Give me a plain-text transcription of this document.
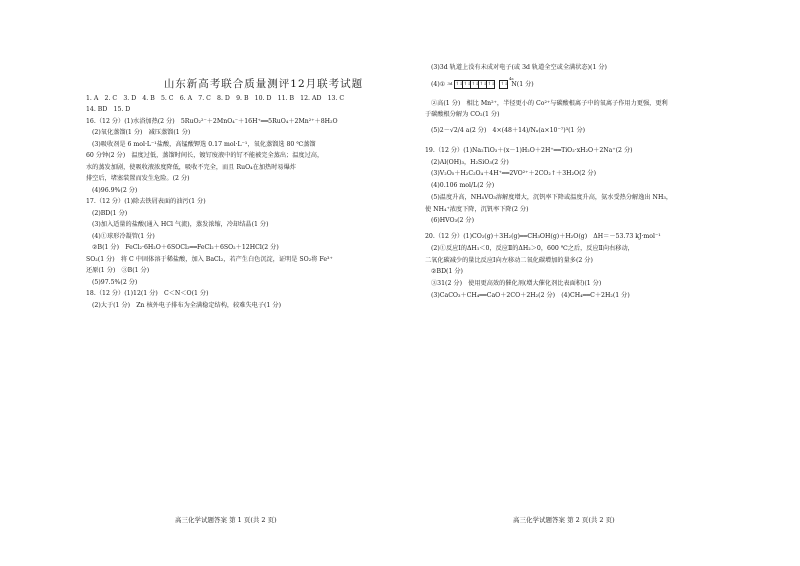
山东新高考联合质量测评12月联考试题
1. A　2. C　3. D　4. B　5. C　6. A　7. C　8. D　9. B　10. D　11. B　12. AD　13. C
14. BD　15. D
16.（12 分）(1)水浴加热(2 分)　5RuO₂²⁻＋2MnO₄⁻＋16H⁺══5RuO₄＋2Mn²⁺＋8H₂O
(2)氧化蒸馏(1 分)　减压蒸馏(1 分)
(3)吸收剂是 6 mol·L⁻¹盐酸，高锰酸钾选 0.17 mol·L⁻¹，氧化蒸馏选 80 ℃蒸馏
60 分钟(2 分)　温度过低，蒸馏时间长，镀钌废液中的钌不能被完全蒸出；温度过高，
水的蒸发加剧，使吸收液浓度降低，吸收不完全，而且 RuO₄在加热时易爆炸
排空后，堵塞装置而发生危险。(2 分)
(4)96.9%(2 分)
17.（12 分）(1)除去铁屑表面的油污(1 分)
(2)BD(1 分)
(3)加入适量的盐酸(通入 HCl 气流)，蒸发浓缩，冷却结晶(1 分)
(4)①球形冷凝管(1 分)
②B(1 分)　FeCl₂·6H₂O＋6SOCl₂══FeCl₂＋6SO₂＋12HCl(2 分)
SO₂(1 分)　将 C 中固体溶于稀盐酸，加入 BaCl₂，若产生白色沉淀，证明是 SO₂将 Fe³⁺
还原(1 分)　③B(1 分)
(5)97.5%(2 分)
18.（12 分）(1)12(1 分)　C＜N＜O(1 分)
(2)大于(1 分)　Zn 核外电子排布为全满稳定结构，较难失电子(1 分)
(3)3d 轨道上没有未成对电子(或 3d 轨道全空或全满状态)(1 分)
(4)① 3d ↑↓↑↓↑↓↑↓↑↓ ↑↓ N(1 分)
4s
②高(1 分)　相比 Mn²⁺，半径更小的 Co²⁺与碳酸根离子中的氧离子作用力更强，更利
于碳酸根分解为 CO₂(1 分)
(5)2－√2/4 a(2 分)　4×(48＋14)/Nₐ(a×10⁻⁷)³(1 分)
19.（12 分）(1)Na₂TiO₃＋(x－1)H₂O＋2H⁺══TiO₂·xH₂O＋2Na⁺(2 分)
(2)Al(OH)₃，H₂SiO₃(2 分)
(3)V₂O₅＋H₂C₂O₄＋4H⁺══2VO²⁺＋2CO₂↑＋3H₂O(2 分)
(4)0.106 mol/L(2 分)
(5)温度升高，NH₄VO₃溶解度增大，沉钒率下降或温度升高，氨水受热分解逸出 NH₃，
使 NH₄⁺浓度下降，沉钒率下降(2 分)
(6)HVO₃(2 分)
20.（12 分）(1)CO₂(g)＋3H₂(g)══CH₃OH(g)＋H₂O(g)　ΔH＝－53.73 kJ·mol⁻¹
(2)①反应Ⅰ的ΔH₁＜0，反应Ⅱ的ΔH₂＞0，600 ℃之后，反应Ⅱ向右移动，
二氧化碳减少的量比反应Ⅰ向左移动二氧化碳增加的量多(2 分)
②BD(1 分)
③31(2 分)　使用更高效的催化剂(增大催化剂比表面积)(1 分)
(3)CaCO₃＋CH₄══CaO＋2CO＋2H₂(2 分)　(4)CH₄══C＋2H₂(1 分)
高三化学试题答案 第 1 页(共 2 页)	高三化学试题答案 第 2 页(共 2 页)
